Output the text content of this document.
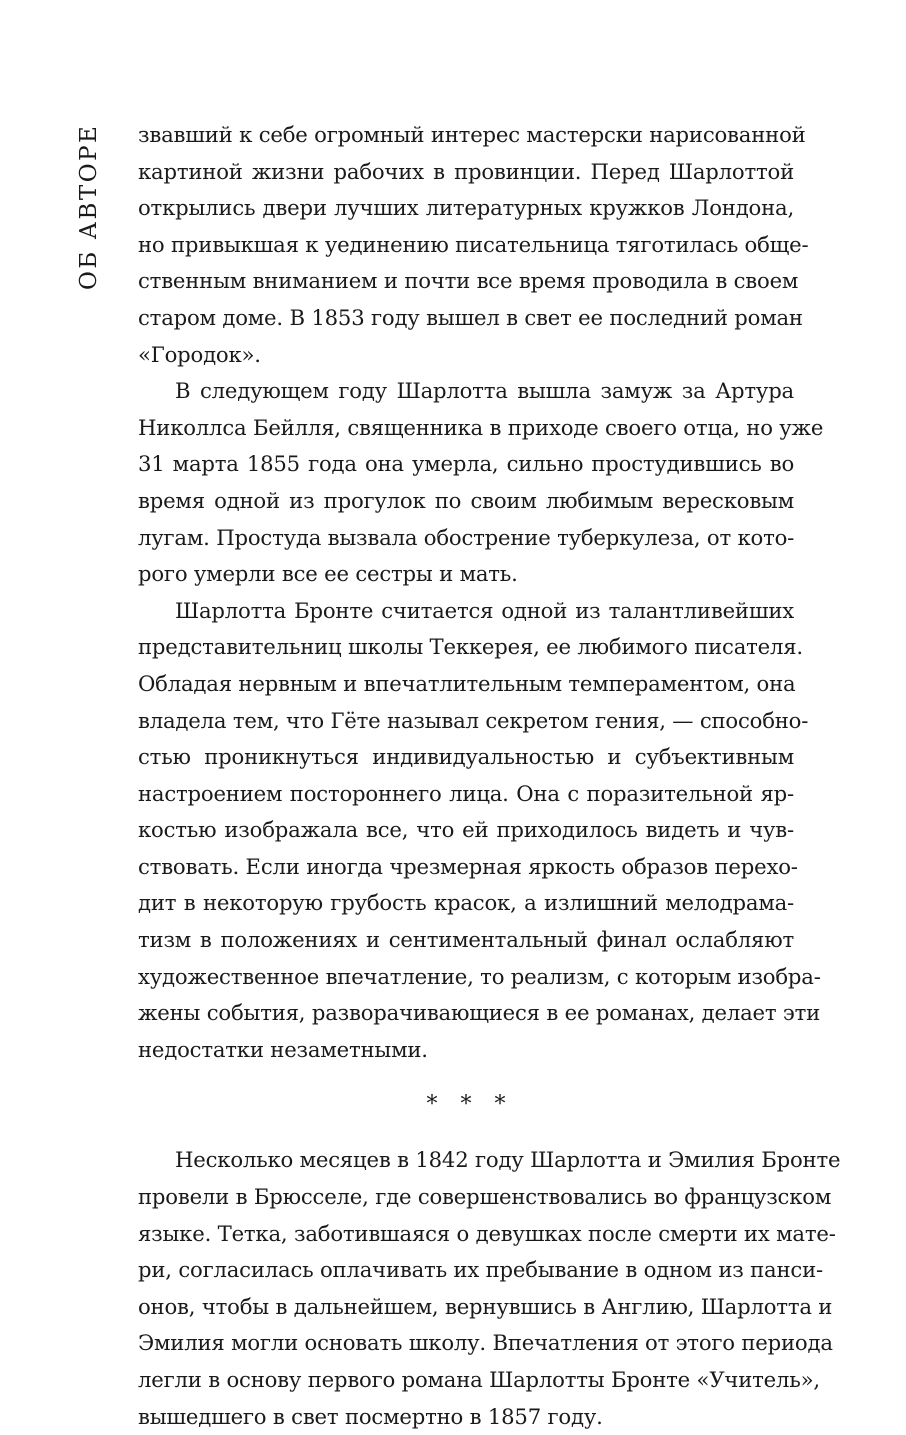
ОБ АВТОРЕ звавший к себе огромный интерес мастерски нарисованной
картиной жизни рабочих в провинции. Перед Шарлоттой
открылись двери лучших литературных кружков Лондона,
но привыкшая к уединению писательница тяготилась обще-
ственным вниманием и почти все время проводила в своем
старом доме. В 1853 году вышел в свет ее последний роман
«Городок».
В следующем году Шарлотта вышла замуж за Артура
Николлса Бейлля, священника в приходе своего отца, но уже
31 марта 1855 года она умерла, сильно простудившись во
время одной из прогулок по своим любимым вересковым
лугам. Простуда вызвала обострение туберкулеза, от кото-
рого умерли все ее сестры и мать.
Шарлотта Бронте считается одной из талантливейших
представительниц школы Теккерея, ее любимого писателя.
Обладая нервным и впечатлительным темпераментом, она
владела тем, что Гёте называл секретом гения, — способно-
стью проникнуться индивидуальностью и субъективным
настроением постороннего лица. Она с поразительной яр-
костью изображала все, что ей приходилось видеть и чув-
ствовать. Если иногда чрезмерная яркость образов перехо-
дит в некоторую грубость красок, а излишний мелодрама-
тизм в положениях и сентиментальный финал ослабляют
художественное впечатление, то реализм, с которым изобра-
жены события, разворачивающиеся в ее романах, делает эти
недостатки незаметными.
* * *
Несколько месяцев в 1842 году Шарлотта и Эмилия Бронте
провели в Брюсселе, где совершенствовались во французском
языке. Тетка, заботившаяся о девушках после смерти их мате-
ри, согласилась оплачивать их пребывание в одном из панси-
онов, чтобы в дальнейшем, вернувшись в Англию, Шарлотта и
Эмилия могли основать школу. Впечатления от этого периода
легли в основу первого романа Шарлотты Бронте «Учитель»,
вышедшего в свет посмертно в 1857 году.
